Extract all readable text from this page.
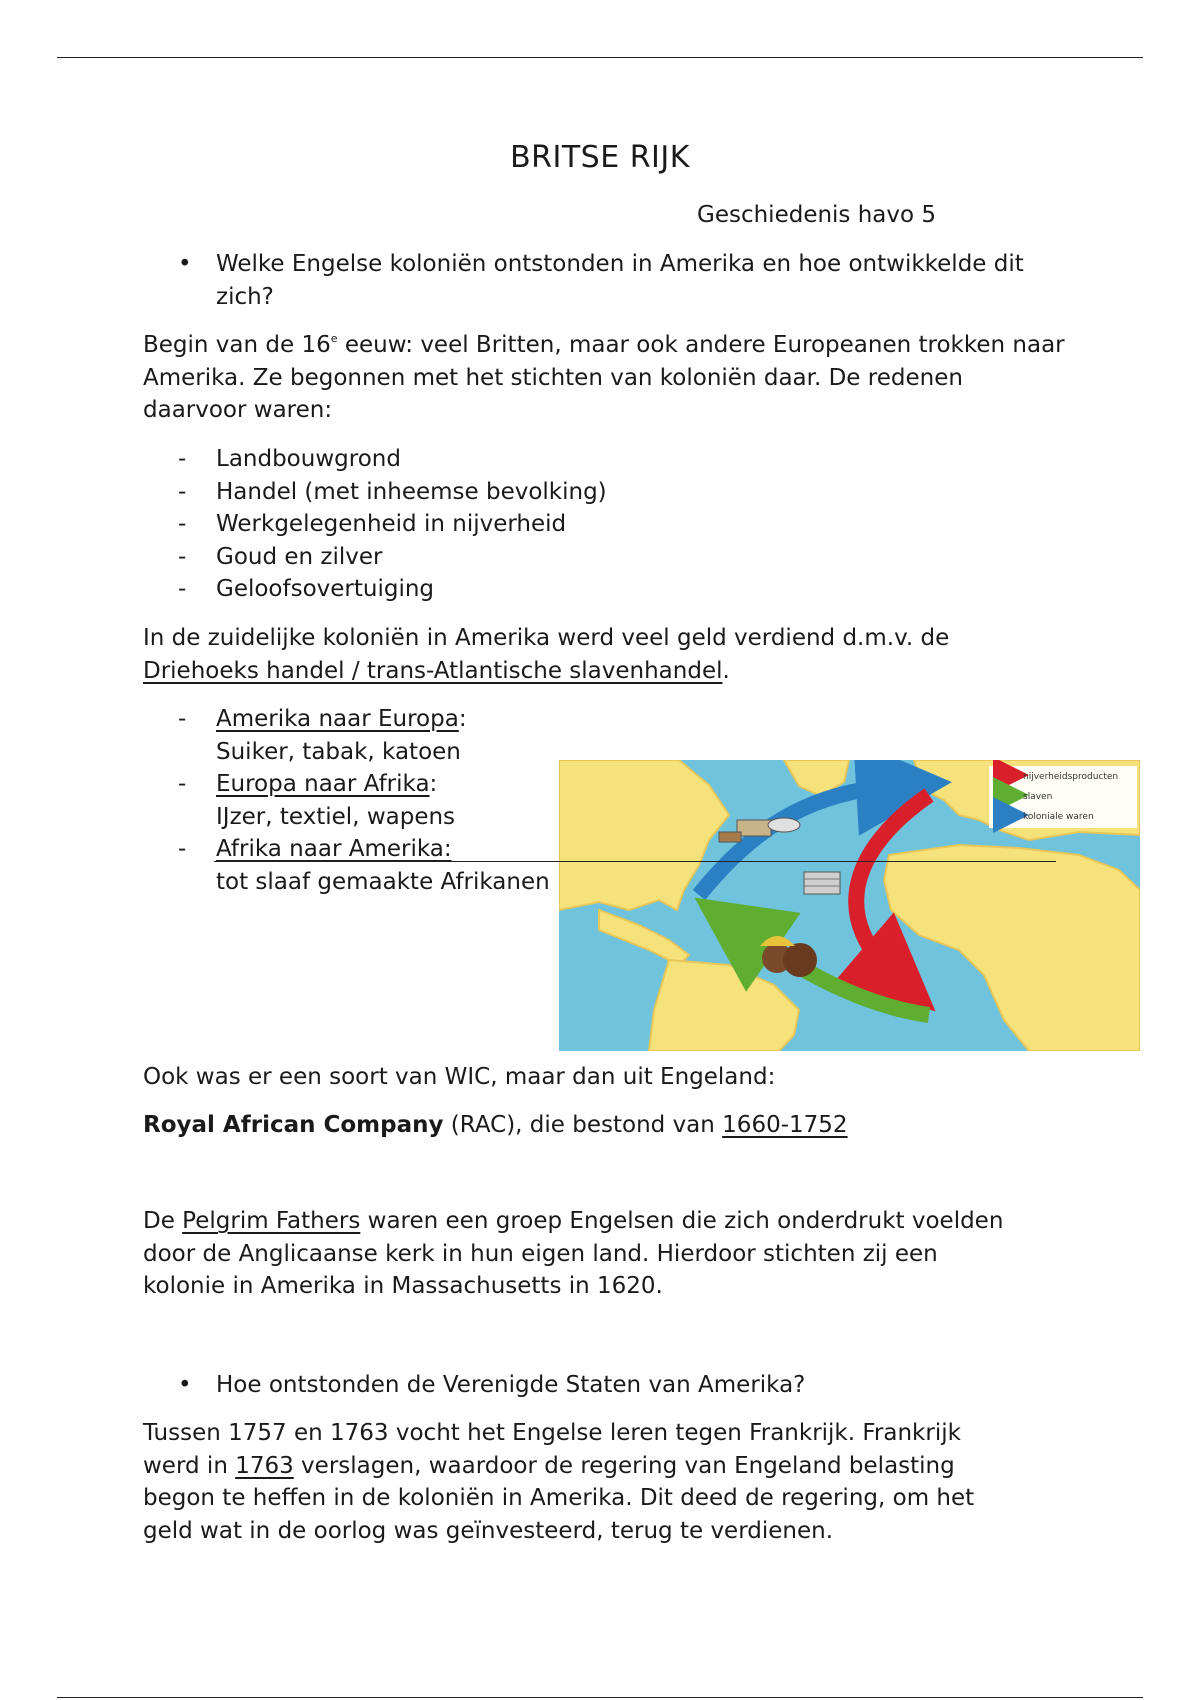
BRITSE RIJK
Geschiedenis havo 5
•	Welke Engelse koloniën ontstonden in Amerika en hoe ontwikkelde dit zich?
Begin van de 16e eeuw: veel Britten, maar ook andere Europeanen trokken naar Amerika. Ze begonnen met het stichten van koloniën daar. De redenen daarvoor waren:
- Landbouwgrond
- Handel (met inheemse bevolking)
- Werkgelegenheid in nijverheid
- Goud en zilver
- Geloofsovertuiging
In de zuidelijke koloniën in Amerika werd veel geld verdiend d.m.v. de
Driehoeks handel / trans-Atlantische slavenhandel.
- Amerika naar Europa:
Suiker, tabak, katoen
- Europa naar Afrika:
IJzer, textiel, wapens
- Afrika naar Amerika:
tot slaaf gemaakte Afrikanen
nijverheidsproducten
slaven
koloniale waren
Ook was er een soort van WIC, maar dan uit Engeland:
Royal African Company (RAC), die bestond van 1660-1752
De Pelgrim Fathers waren een groep Engelsen die zich onderdrukt voelden
door de Anglicaanse kerk in hun eigen land. Hierdoor stichten zij een
kolonie in Amerika in Massachusetts in 1620.
•	Hoe ontstonden de Verenigde Staten van Amerika?
Tussen 1757 en 1763 vocht het Engelse leren tegen Frankrijk. Frankrijk
werd in 1763 verslagen, waardoor de regering van Engeland belasting
begon te heffen in de koloniën in Amerika. Dit deed de regering, om het
geld wat in de oorlog was geïnvesteerd, terug te verdienen.
